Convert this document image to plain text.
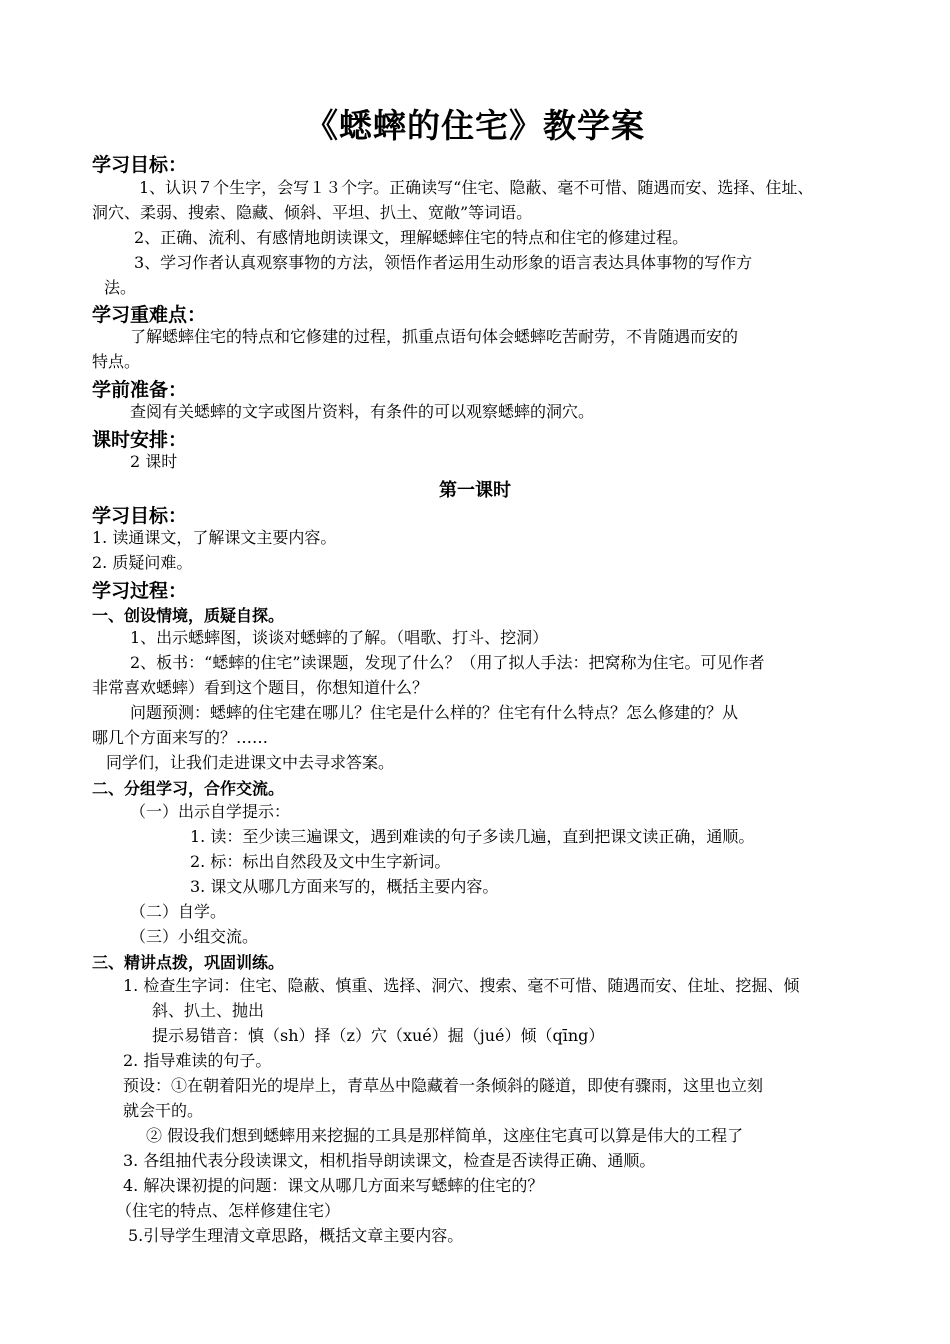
《蟋蟀的住宅》教学案
学习目标：
1、认识７个生字，会写１３个字。正确读写“住宅、隐蔽、毫不可惜、随遇而安、选择、住址、
洞穴、柔弱、搜索、隐藏、倾斜、平坦、扒土、宽敞”等词语。
2、正确、流利、有感情地朗读课文，理解蟋蟀住宅的特点和住宅的修建过程。
3、学习作者认真观察事物的方法，领悟作者运用生动形象的语言表达具体事物的写作方
法。
学习重难点：
了解蟋蟀住宅的特点和它修建的过程，抓重点语句体会蟋蟀吃苦耐劳，不肯随遇而安的
特点。
学前准备：
查阅有关蟋蟀的文字或图片资料，有条件的可以观察蟋蟀的洞穴。
课时安排：
2 课时
第一课时
学习目标：
1. 读通课文，了解课文主要内容。
2. 质疑问难。
学习过程：
一、创设情境，质疑自探。
1、出示蟋蟀图，谈谈对蟋蟀的了解。（唱歌、打斗、挖洞）
2、板书：“蟋蟀的住宅”读课题，发现了什么？（用了拟人手法：把窝称为住宅。可见作者
非常喜欢蟋蟀）看到这个题目，你想知道什么？
问题预测：蟋蟀的住宅建在哪儿？住宅是什么样的？住宅有什么特点？怎么修建的？从
哪几个方面来写的？……
同学们，让我们走进课文中去寻求答案。
二、分组学习，合作交流。
（一）出示自学提示：
1. 读：至少读三遍课文，遇到难读的句子多读几遍，直到把课文读正确，通顺。
2. 标：标出自然段及文中生字新词。
3. 课文从哪几方面来写的，概括主要内容。
（二）自学。
（三）小组交流。
三、精讲点拨，巩固训练。
1. 检查生字词：住宅、隐蔽、慎重、选择、洞穴、搜索、毫不可惜、随遇而安、住址、挖掘、倾
斜、扒土、抛出
提示易错音：慎（sh）择（z）穴（xué）掘（jué）倾（qīng）
2. 指导难读的句子。
预设：①在朝着阳光的堤岸上，青草丛中隐藏着一条倾斜的隧道，即使有骤雨，这里也立刻
就会干的。
② 假设我们想到蟋蟀用来挖掘的工具是那样简单，这座住宅真可以算是伟大的工程了
3. 各组抽代表分段读课文，相机指导朗读课文，检查是否读得正确、通顺。
4. 解决课初提的问题：课文从哪几方面来写蟋蟀的住宅的？
（住宅的特点、怎样修建住宅）
5.引导学生理清文章思路，概括文章主要内容。
